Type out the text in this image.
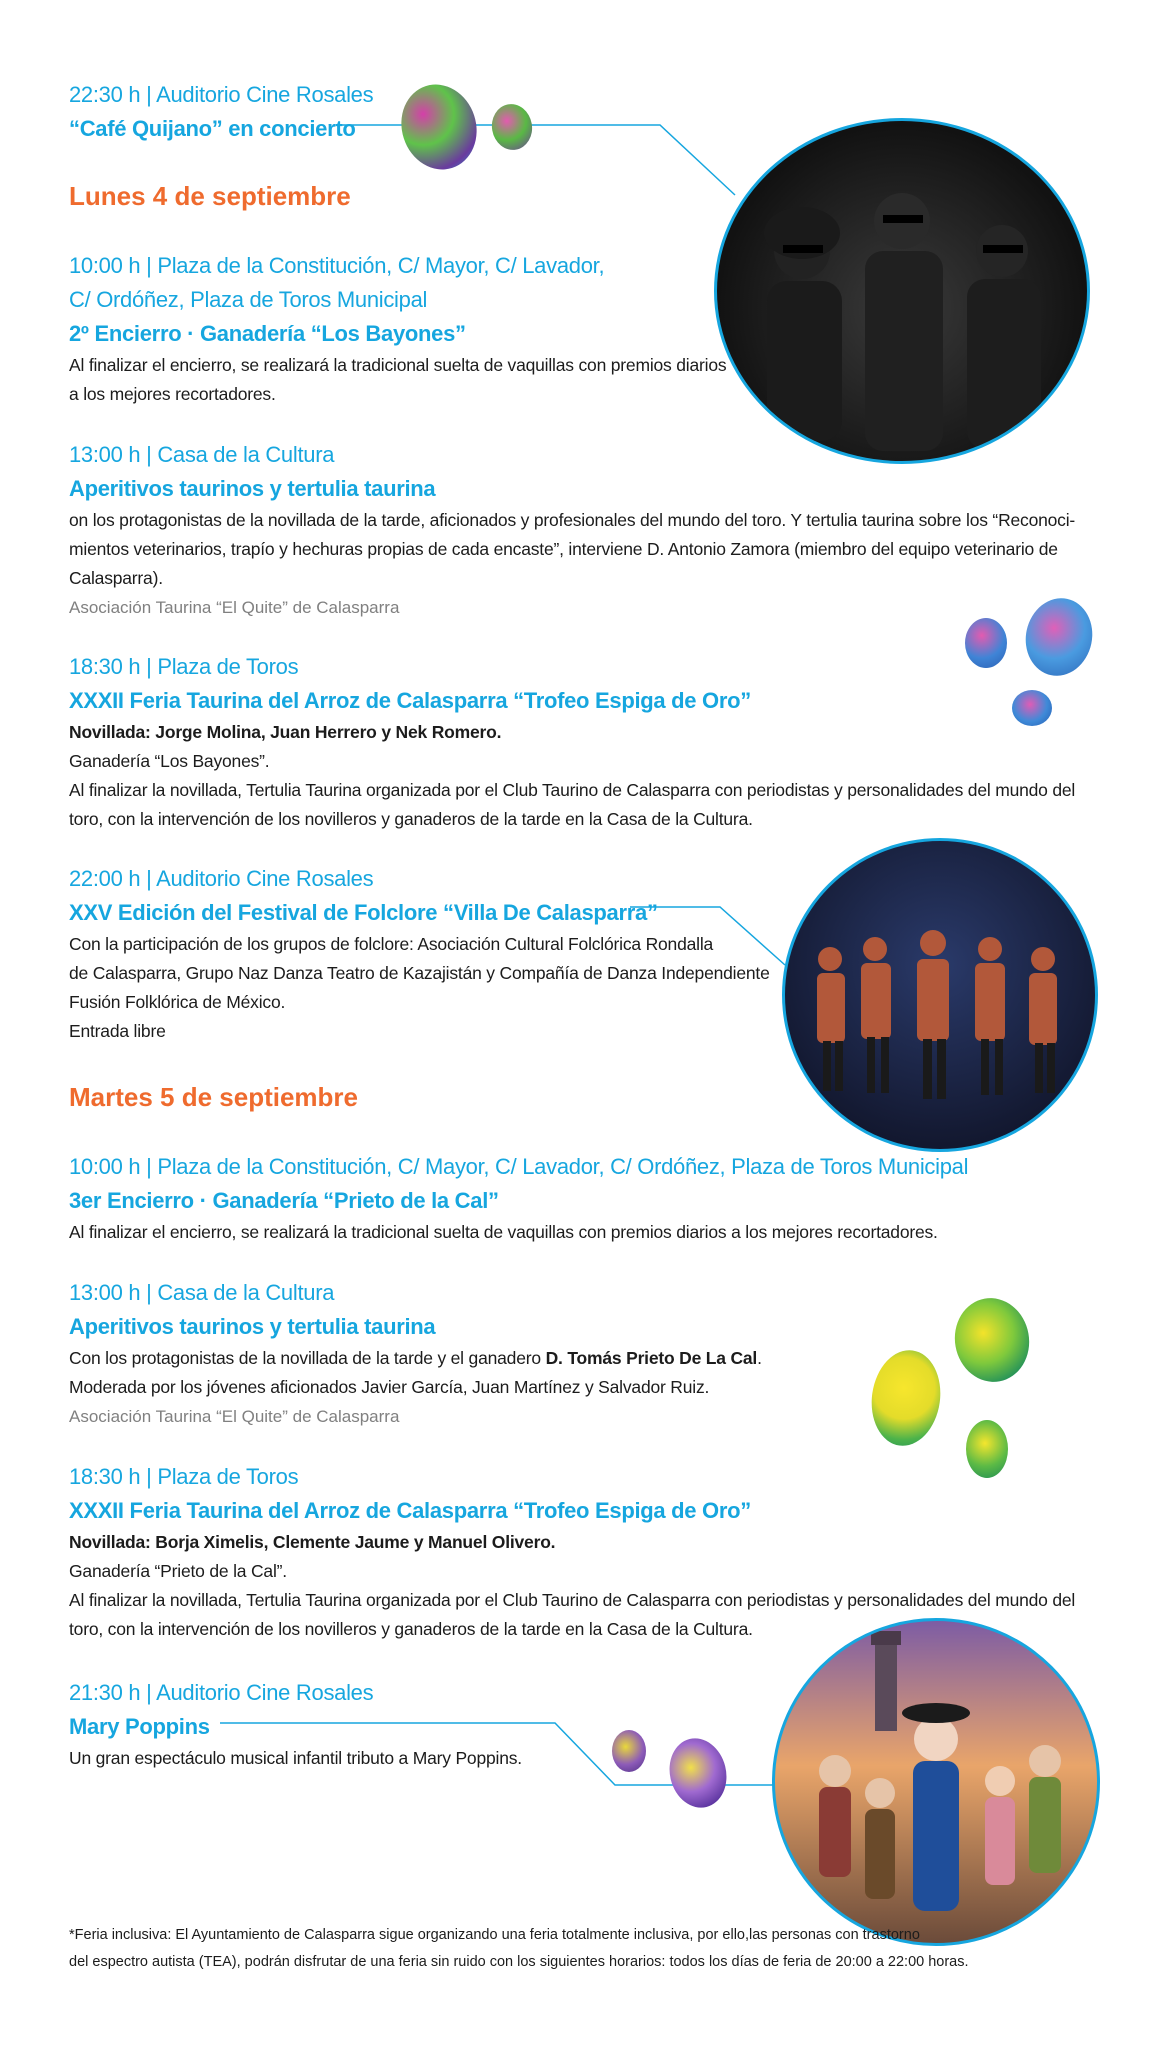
22:30 h | Auditorio Cine Rosales
“Café Quijano” en concierto
Lunes 4 de septiembre
10:00 h | Plaza de la Constitución, C/ Mayor, C/ Lavador,
C/ Ordóñez, Plaza de Toros Municipal
2º Encierro · Ganadería “Los Bayones”
Al finalizar el encierro, se realizará la tradicional suelta de vaquillas con premios diarios
a los mejores recortadores.
13:00 h | Casa de la Cultura
Aperitivos taurinos y tertulia taurina
on los protagonistas de la novillada de la tarde, aficionados y profesionales del mundo del toro. Y tertulia taurina sobre los “Reconoci-
mientos veterinarios, trapío y hechuras propias de cada encaste”, interviene D. Antonio Zamora (miembro del equipo veterinario de
Calasparra).
Asociación Taurina “El Quite” de Calasparra
18:30 h | Plaza de Toros
XXXII Feria Taurina del Arroz de Calasparra “Trofeo Espiga de Oro”
Novillada: Jorge Molina, Juan Herrero y Nek Romero.
Ganadería “Los Bayones”.
Al finalizar la novillada, Tertulia Taurina organizada por el Club Taurino de Calasparra con periodistas y personalidades del mundo del
toro, con la intervención de los novilleros y ganaderos de la tarde en la Casa de la Cultura.
22:00 h | Auditorio Cine Rosales
XXV Edición del Festival de Folclore “Villa De Calasparra”
Con la participación de los grupos de folclore: Asociación Cultural Folclórica Rondalla
de Calasparra, Grupo Naz Danza Teatro de Kazajistán y Compañía de Danza Independiente
Fusión Folklórica de México.
Entrada libre
Martes 5 de septiembre
10:00 h | Plaza de la Constitución, C/ Mayor, C/ Lavador, C/ Ordóñez, Plaza de Toros Municipal
3er Encierro · Ganadería “Prieto de la Cal”
Al finalizar el encierro, se realizará la tradicional suelta de vaquillas con premios diarios a los mejores recortadores.
13:00 h | Casa de la Cultura
Aperitivos taurinos y tertulia taurina
Con los protagonistas de la novillada de la tarde y el ganadero D. Tomás Prieto De La Cal.
Moderada por los jóvenes aficionados Javier García, Juan Martínez y Salvador Ruiz.
Asociación Taurina “El Quite” de Calasparra
18:30 h | Plaza de Toros
XXXII Feria Taurina del Arroz de Calasparra “Trofeo Espiga de Oro”
Novillada: Borja Ximelis, Clemente Jaume y Manuel Olivero.
Ganadería “Prieto de la Cal”.
Al finalizar la novillada, Tertulia Taurina organizada por el Club Taurino de Calasparra con periodistas y personalidades del mundo del
toro, con la intervención de los novilleros y ganaderos de la tarde en la Casa de la Cultura.
21:30 h | Auditorio Cine Rosales
Mary Poppins
Un gran espectáculo musical infantil tributo a Mary Poppins.
*Feria inclusiva: El Ayuntamiento de Calasparra sigue organizando una feria totalmente inclusiva, por ello,las personas con trastorno
del espectro autista (TEA), podrán disfrutar de una feria sin ruido con los siguientes horarios: todos los días de feria de 20:00 a 22:00 horas.
